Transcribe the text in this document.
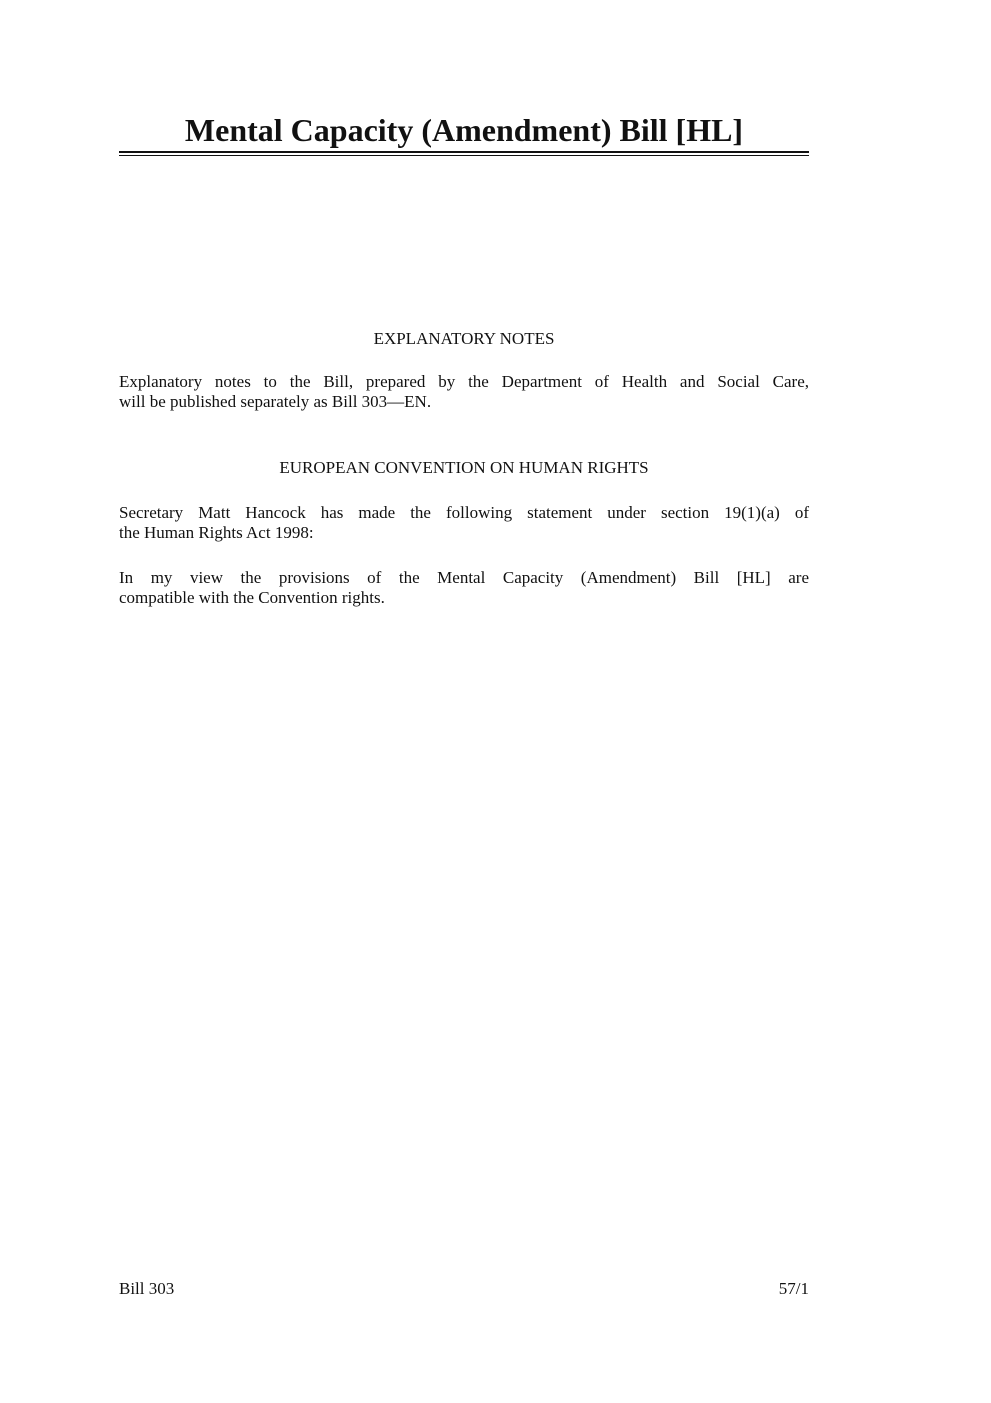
Mental Capacity (Amendment) Bill [HL]
EXPLANATORY NOTES

Explanatory notes to the Bill, prepared by the Department of Health and Social Care,
will be published separately as Bill 303—EN.

EUROPEAN CONVENTION ON HUMAN RIGHTS

Secretary Matt Hancock has made the following statement under section 19(1)(a) of
the Human Rights Act 1998:

In my view the provisions of the Mental Capacity (Amendment) Bill [HL] are
compatible with the Convention rights.

Bill 303	57/1
